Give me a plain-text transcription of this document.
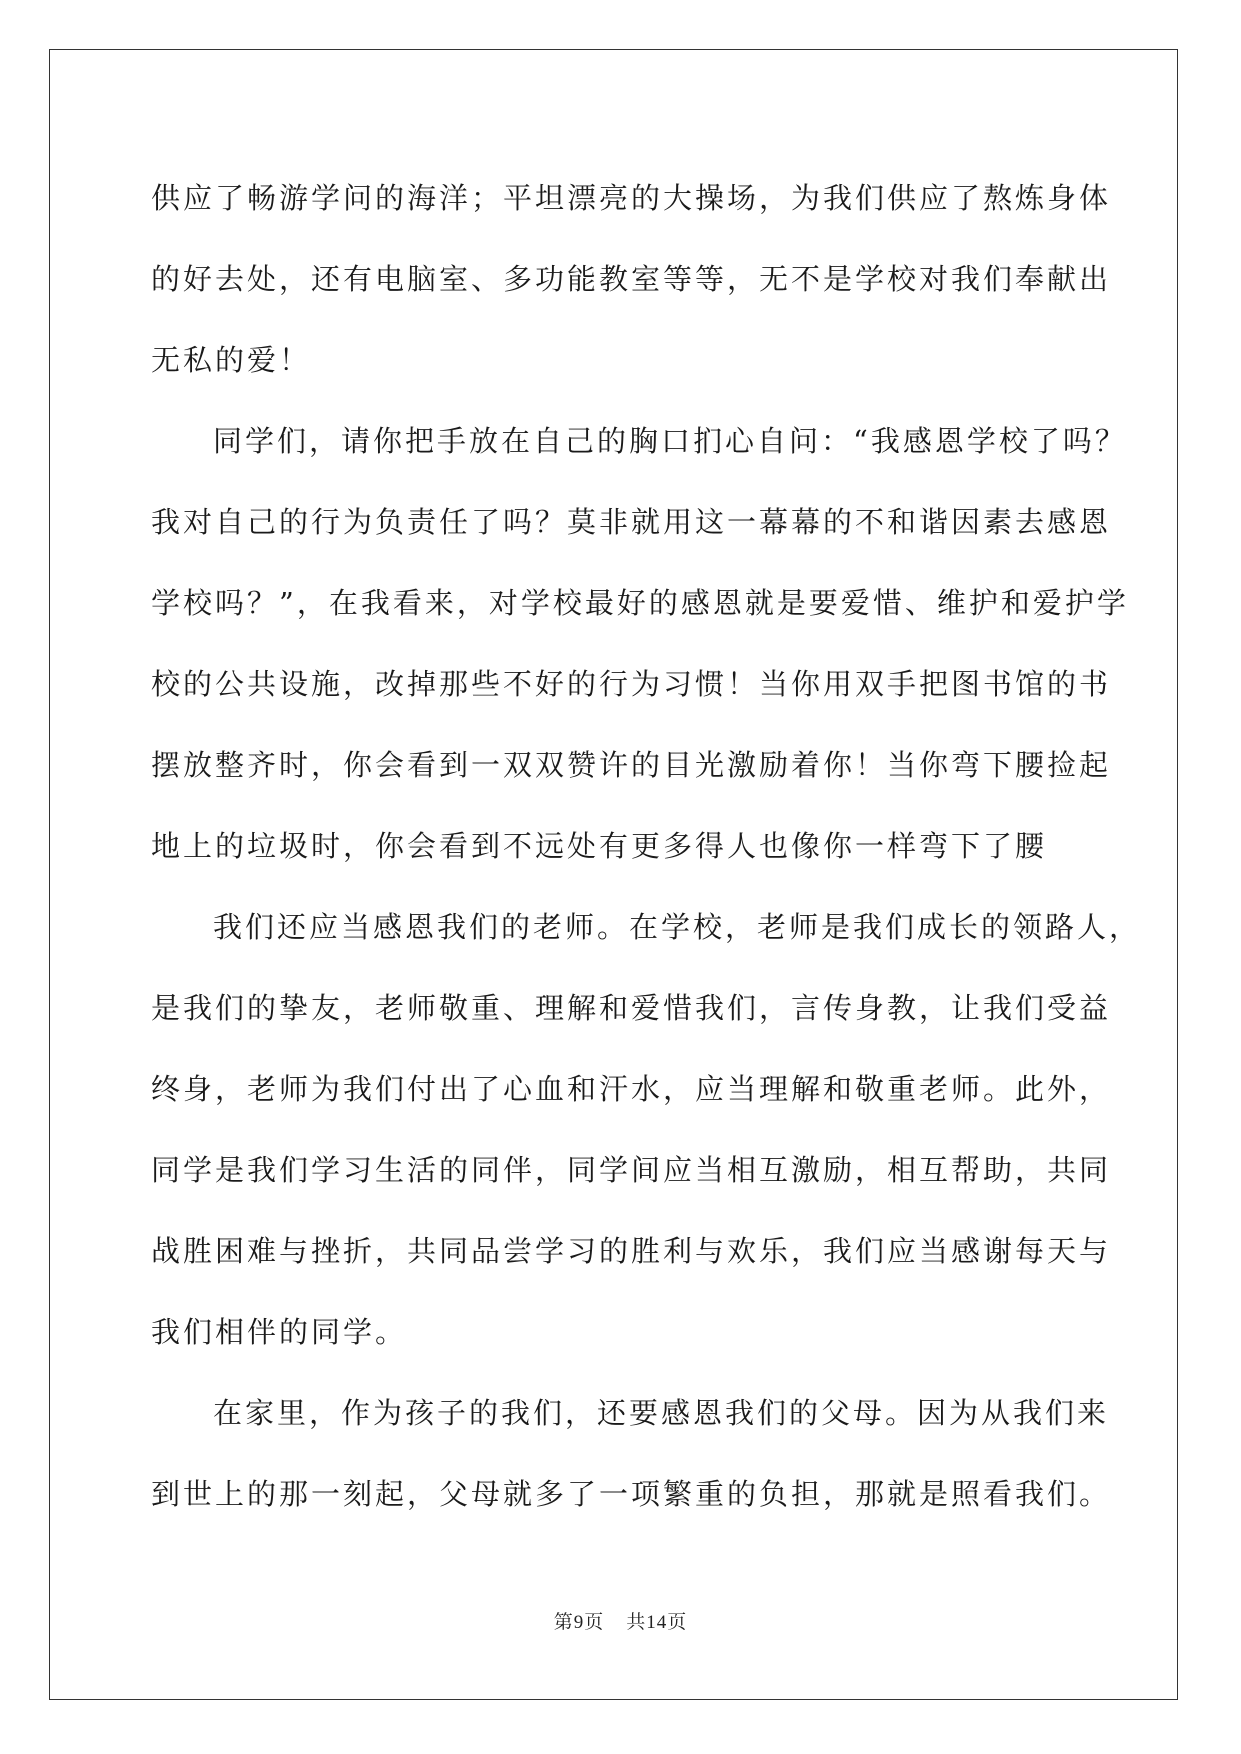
供应了畅游学问的海洋；平坦漂亮的大操场，为我们供应了熬炼身体
的好去处，还有电脑室、多功能教室等等，无不是学校对我们奉献出
无私的爱！
同学们，请你把手放在自己的胸口扪心自问：“我感恩学校了吗？
我对自己的行为负责任了吗？莫非就用这一幕幕的不和谐因素去感恩
学校吗？”，在我看来，对学校最好的感恩就是要爱惜、维护和爱护学
校的公共设施，改掉那些不好的行为习惯！当你用双手把图书馆的书
摆放整齐时，你会看到一双双赞许的目光激励着你！当你弯下腰捡起
地上的垃圾时，你会看到不远处有更多得人也像你一样弯下了腰
我们还应当感恩我们的老师。在学校，老师是我们成长的领路人，
是我们的挚友，老师敬重、理解和爱惜我们，言传身教，让我们受益
终身，老师为我们付出了心血和汗水，应当理解和敬重老师。此外，
同学是我们学习生活的同伴，同学间应当相互激励，相互帮助，共同
战胜困难与挫折，共同品尝学习的胜利与欢乐，我们应当感谢每天与
我们相伴的同学。
在家里，作为孩子的我们，还要感恩我们的父母。因为从我们来
到世上的那一刻起，父母就多了一项繁重的负担，那就是照看我们。
第9页 共14页
